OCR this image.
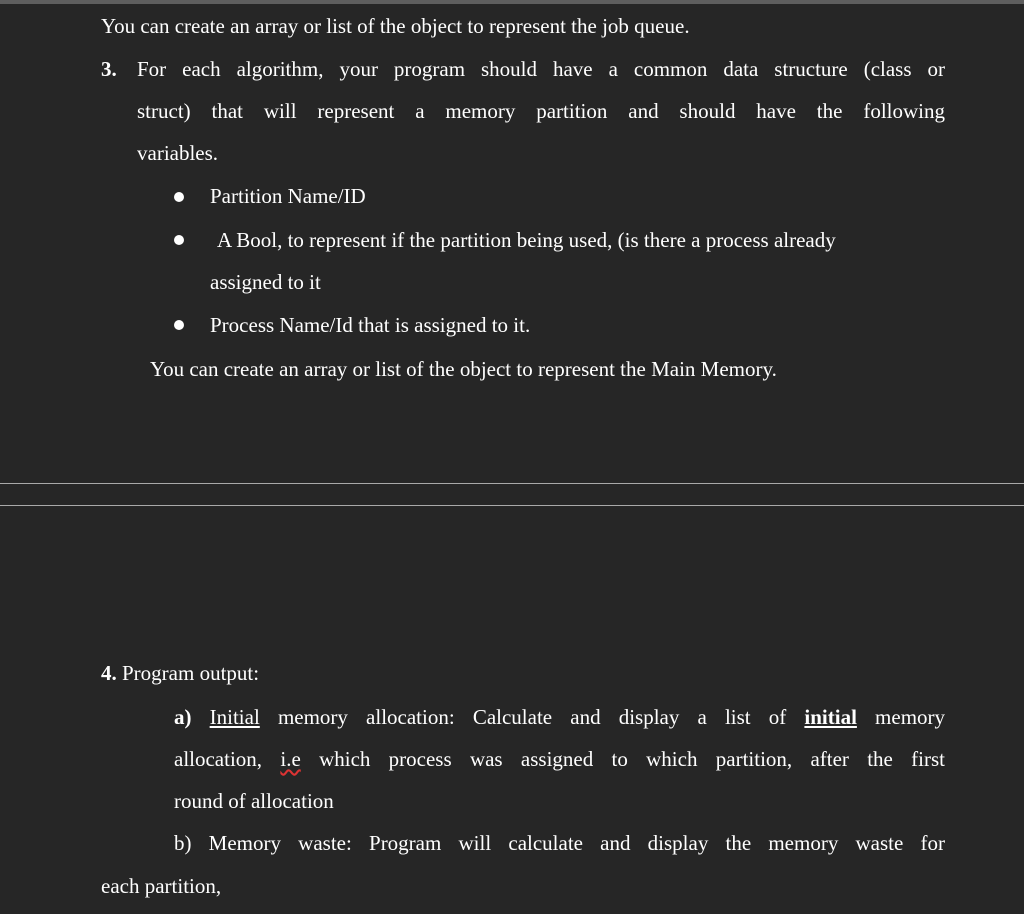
You can create an array or list of the object to represent the job queue.
3. For each algorithm, your program should have a common data structure (class or
struct) that will represent a memory partition and should have the following
variables.
Partition Name/ID
A Bool, to represent if the partition being used, (is there a process already
assigned to it
Process Name/Id that is assigned to it.
You can create an array or list of the object to represent the Main Memory.
4. Program output:
a) Initial memory allocation: Calculate and display a list of initial memory
allocation, i.e which process was assigned to which partition, after the first
round of allocation
b) Memory waste: Program will calculate and display the memory waste for
each partition,
